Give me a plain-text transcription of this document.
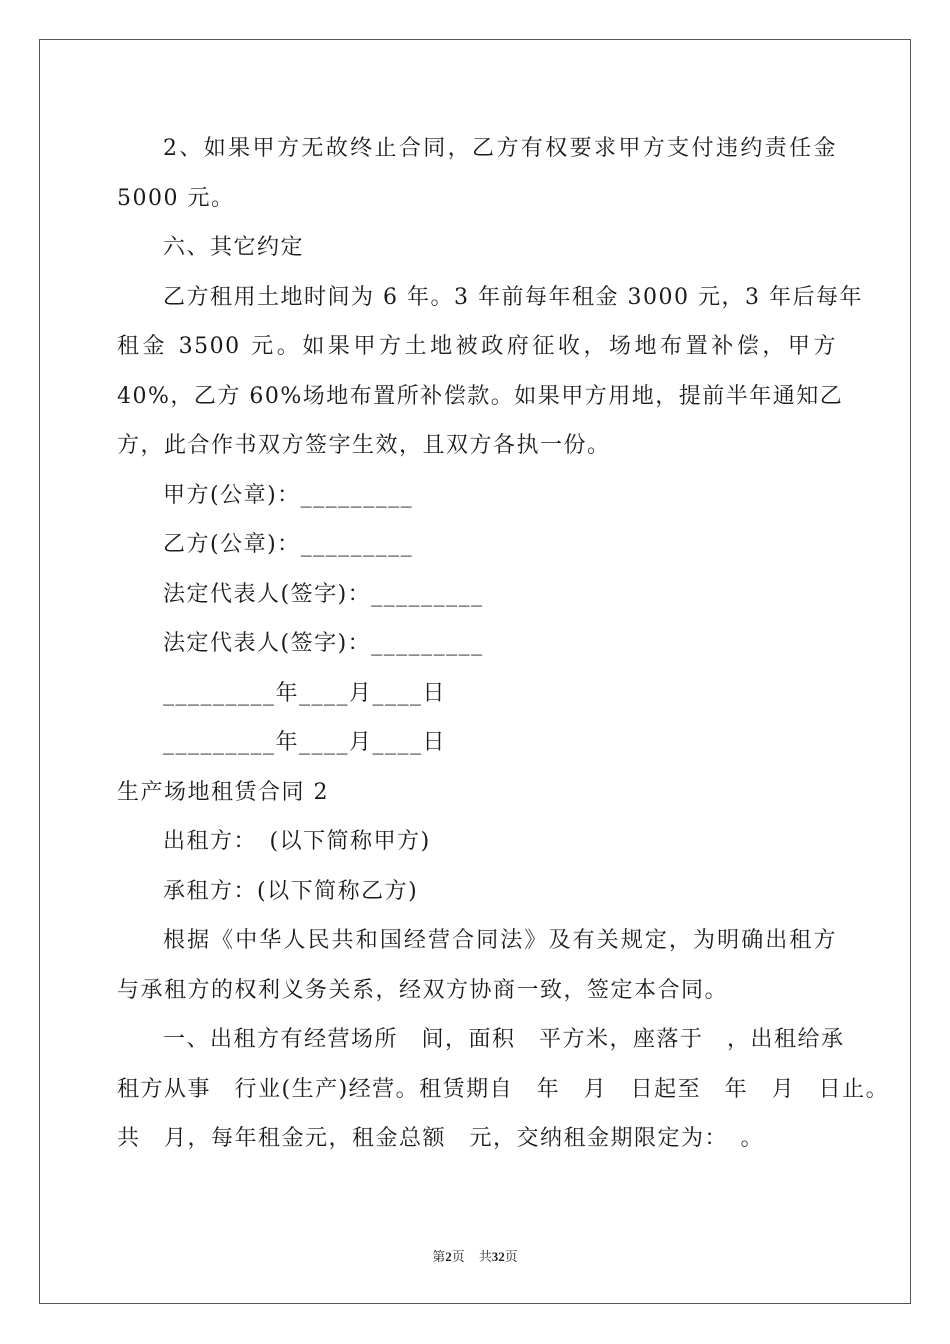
2、如果甲方无故终止合同，乙方有权要求甲方支付违约责任金
5000 元。
六、其它约定
乙方租用土地时间为 6 年。3 年前每年租金 3000 元，3 年后每年
租金 3500 元。如果甲方土地被政府征收，场地布置补偿，甲方
40%，乙方 60%场地布置所补偿款。如果甲方用地，提前半年通知乙
方，此合作书双方签字生效，且双方各执一份。
甲方(公章)：_________
乙方(公章)：_________
法定代表人(签字)：_________
法定代表人(签字)：_________
_________年____月____日
_________年____月____日
生产场地租赁合同 2
出租方：　(以下简称甲方)
承租方：(以下简称乙方)
根据《中华人民共和国经营合同法》及有关规定，为明确出租方
与承租方的权利义务关系，经双方协商一致，签定本合同。
一、出租方有经营场所　间，面积　平方米，座落于　，出租给承
租方从事　行业(生产)经营。租赁期自　年　月　日起至　年　月　日止。
共　月，每年租金元，租金总额　元，交纳租金期限定为：　。
第2页 共32页
